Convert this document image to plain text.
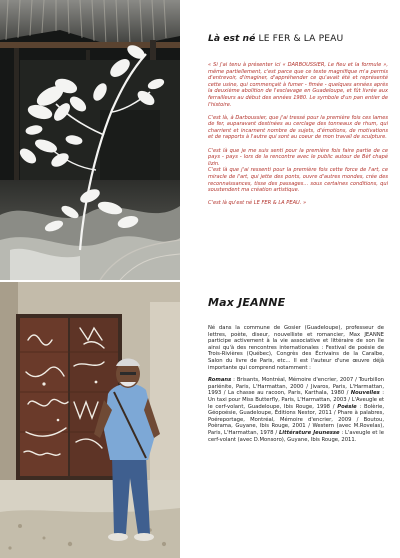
Là est né LE FER & LA PEAU

« Si j'ai tenu à présenter ici « DARBOUSSIER, Le fieu et la formule », même partiellement, c'est parce que ce texte magnifique m'a permis d'entrevoir, d'imaginer, d'appréhender ce qu'avait été et représenté cette usine, qui commençait à fumer - fimée - quelques années après la deuxième abolition de l'esclavage en Guadeloupe, et fût livrée aux ferrailleurs au début des années 1980. Le symbole d'un pan entier de l'histoire.

C'est là, à Darboussier, que j'ai tressé pour la première fois ces lames de fer, auparavant destinées au cerclage des tonneaux de rhum, qui charrient et incarnent nombre de sujets, d'émotions, de motivations et de rapports à l'autre qui sont au coeur de mon travail de sculpture.

C'est là que je me suis senti pour la première fois faire partie de ce pays - pays - lors de la rencontre avec le public autour de Bèf chapé lizin.

C'est là que j'ai ressenti pour la première fois cette force de l'art, ce miracle de l'art, qui jette des ponts, ouvre d'autres mondes, crée des reconnaissances, tisse des passages... sous certaines conditions, qui soustendent ma création artistique.

C'est là qu'est né LE FER & LA PEAU. »

Max JEANNE

Né dans la commune de Gosier (Guadeloupe), professeur de lettres, poète, diseur, nouvelliste et romancier, Max JEANNE participe activement à la vie associative et littéraire de son île ainsi qu'à des rencontres internationales : Festival de poésie de Trois-Rivières (Québec), Congrès des Écrivains de la Caraïbe, Salon du livre de Paris, etc... Il est l'auteur d'une œuvre déjà importante qui comprend notamment :

Romans : Brisants, Montréal, Mémoire d'encrier, 2007 / Tourbillon pariénite, Paris, L'Harmattan, 2000 / Jivaros, Paris, L'Harmattan, 1993 / La chasse au racoon, Paris, Karthala, 1980 / Nouvelles : Un taxi pour Miss Butterfly, Paris, L'Harmattan, 2003 / L'Aveugle et le cerf-volant, Guadeloupe, Ibis Rouge, 1998 / Poésie : Bolèrie, Géopoésie, Guadeloupe, Éditions Nestor, 2011 / Phare à palabres, Poéreportage, Montréal, Mémoire d'encrier, 2009 / Boutou, Poèrama, Guyane, Ibis Rouge, 2001 / Western (avec M.Rovelas), Paris, L'Harmattan, 1978 / Littérature Jeunesse : L'aveugle et le cerf-volant (avec D.Monsoro), Guyane, Ibis Rouge, 2011.
